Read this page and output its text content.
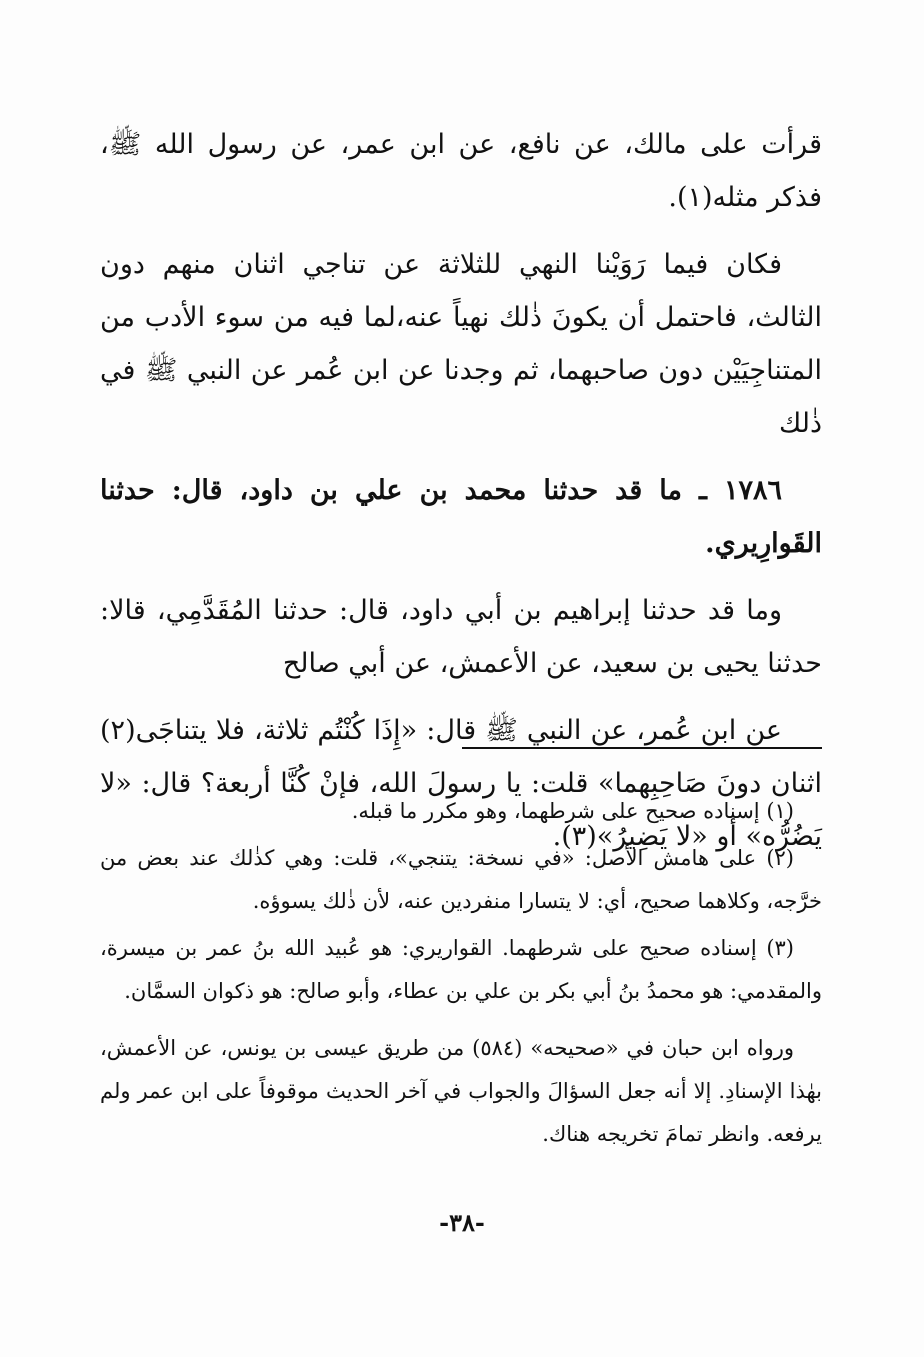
قرأت على مالك، عن نافع، عن ابن عمر، عن رسول الله ﷺ، فذكر مثله(١).

فكان فيما رَوَيْنا النهي للثلاثة عن تناجي اثنان منهم دون الثالث، فاحتمل أن يكونَ ذٰلك نهياً عنه،لما فيه من سوء الأدب من المتناجِيَيْن دون صاحبهما، ثم وجدنا عن ابن عُمر عن النبي ﷺ في ذٰلك

١٧٨٦ ـ ما قد حدثنا محمد بن علي بن داود، قال: حدثنا القَوارِيري.

وما قد حدثنا إبراهيم بن أبي داود، قال: حدثنا المُقَدَّمِي، قالا: حدثنا يحيى بن سعيد، عن الأعمش، عن أبي صالح

عن ابن عُمر، عن النبي ﷺ قال: «إِذَا كُنْتُم ثلاثة، فلا يتناجَى(٢) اثنان دونَ صَاحِبِهما» قلت: يا رسولَ الله، فإنْ كُنَّا أربعة؟ قال: «لا يَضُرُّه» أو «لا يَضِيرُ»(٣).

(١) إسناده صحيح على شرطهما، وهو مكرر ما قبله.

(٢) على هامش الأصل: «في نسخة: يتنجي»، قلت: وهي كذٰلك عند بعض من خرَّجه، وكلاهما صحيح، أي: لا يتسارا منفردين عنه، لأن ذٰلك يسوؤه.

(٣) إسناده صحيح على شرطهما. القواريري: هو عُبيد الله بنُ عمر بن ميسرة، والمقدمي: هو محمدُ بنُ أبي بكر بن علي بن عطاء، وأبو صالح: هو ذكوان السمَّان.

ورواه ابن حبان في «صحيحه» (٥٨٤) من طريق عيسى بن يونس، عن الأعمش، بهٰذا الإسنادِ. إلا أنه جعل السؤالَ والجواب في آخر الحديث موقوفاً على ابن عمر ولم يرفعه. وانظر تمامَ تخريجه هناك.

-٣٨-
